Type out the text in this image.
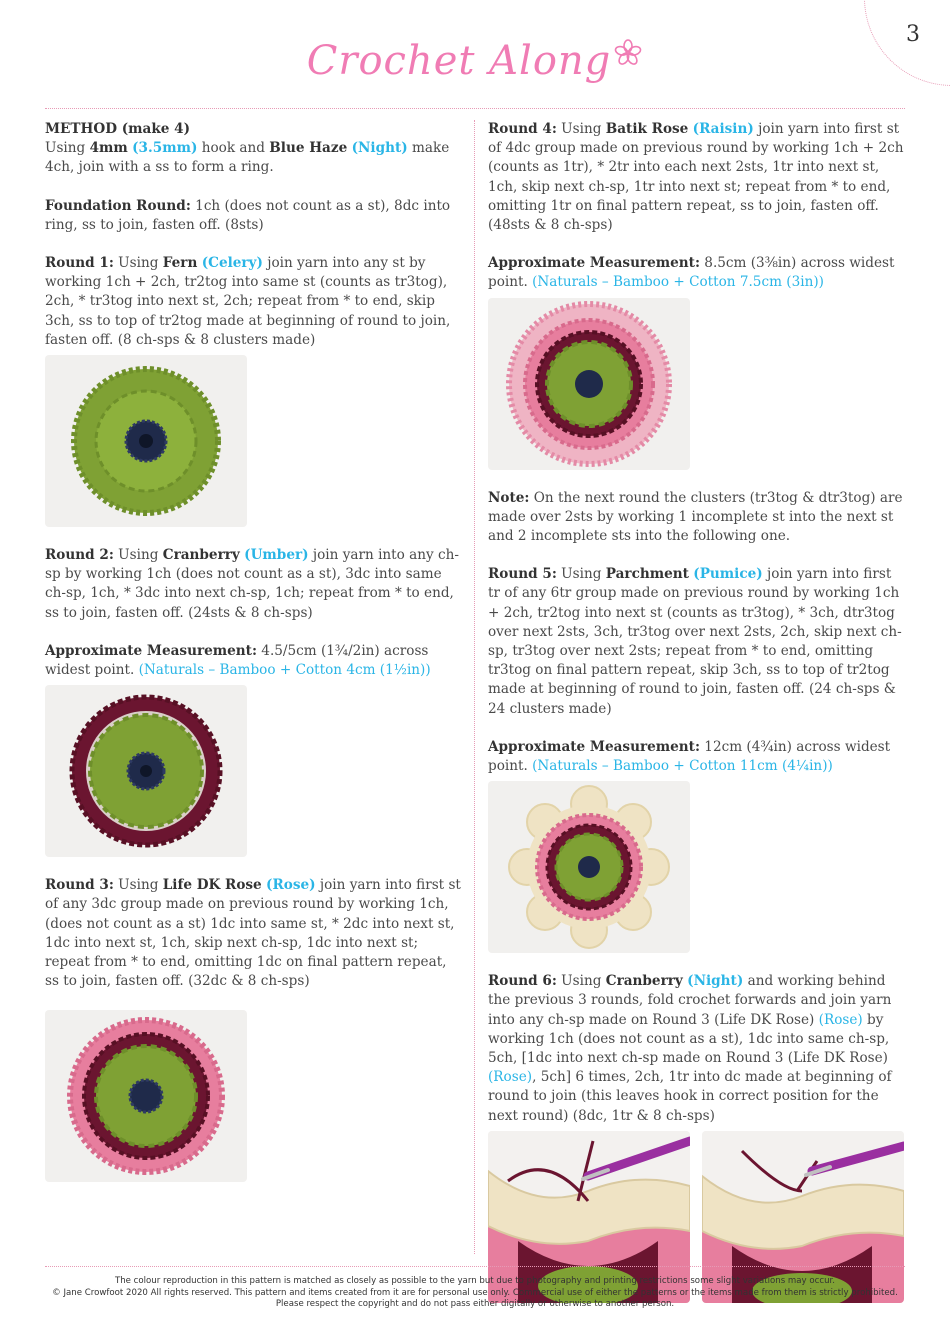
3
Crochet Along

METHOD (make 4)
Using 4mm (3.5mm) hook and Blue Haze (Night) make 4ch, join with a ss to form a ring.

Foundation Round: 1ch (does not count as a st), 8dc into ring, ss to join, fasten off. (8sts)

Round 1: Using Fern (Celery) join yarn into any st by working 1ch + 2ch, tr2tog into same st (counts as tr3tog), 2ch, * tr3tog into next st, 2ch; repeat from * to end, skip 3ch, ss to top of tr2tog made at beginning of round to join, fasten off. (8 ch-sps & 8 clusters made)

Round 2: Using Cranberry (Umber) join yarn into any ch-sp by working 1ch (does not count as a st), 3dc into same ch-sp, 1ch, * 3dc into next ch-sp, 1ch; repeat from * to end, ss to join, fasten off. (24sts & 8 ch-sps)

Approximate Measurement: 4.5/5cm (1¾/2in) across widest point. (Naturals – Bamboo + Cotton 4cm (1½in))

Round 3: Using Life DK Rose (Rose) join yarn into first st of any 3dc group made on previous round by working 1ch, (does not count as a st) 1dc into same st, * 2dc into next st, 1dc into next st, 1ch, skip next ch-sp, 1dc into next st; repeat from * to end, omitting 1dc on final pattern repeat, ss to join, fasten off. (32dc & 8 ch-sps)

Round 4: Using Batik Rose (Raisin) join yarn into first st of 4dc group made on previous round by working 1ch + 2ch (counts as 1tr), * 2tr into each next 2sts, 1tr into next st, 1ch, skip next ch-sp, 1tr into next st; repeat from * to end, omitting 1tr on final pattern repeat, ss to join, fasten off. (48sts & 8 ch-sps)

Approximate Measurement: 8.5cm (3⅜in) across widest point. (Naturals – Bamboo + Cotton 7.5cm (3in))

Note: On the next round the clusters (tr3tog & dtr3tog) are made over 2sts by working 1 incomplete st into the next st and 2 incomplete sts into the following one.

Round 5: Using Parchment (Pumice) join yarn into first tr of any 6tr group made on previous round by working 1ch + 2ch, tr2tog into next st (counts as tr3tog), * 3ch, dtr3tog over next 2sts, 3ch, tr3tog over next 2sts, 2ch, skip next ch-sp, tr3tog over next 2sts; repeat from * to end, omitting tr3tog on final pattern repeat, skip 3ch, ss to top of tr2tog made at beginning of round to join, fasten off. (24 ch-sps & 24 clusters made)

Approximate Measurement: 12cm (4¾in) across widest point. (Naturals – Bamboo + Cotton 11cm (4¼in))

Round 6: Using Cranberry (Night) and working behind the previous 3 rounds, fold crochet forwards and join yarn into any ch-sp made on Round 3 (Life DK Rose) (Rose) by working 1ch (does not count as a st), 1dc into same ch-sp, 5ch, [1dc into next ch-sp made on Round 3 (Life DK Rose) (Rose), 5ch] 6 times, 2ch, 1tr into dc made at beginning of round to join (this leaves hook in correct position for the next round) (8dc, 1tr & 8 ch-sps)

The colour reproduction in this pattern is matched as closely as possible to the yarn but due to photography and printing restrictions some slight variations may occur.
© Jane Crowfoot 2020 All rights reserved. This pattern and items created from it are for personal use only. Commercial use of either the patterns or the items made from them is strictly prohibited. Please respect the copyright and do not pass either digitally or otherwise to another person.
